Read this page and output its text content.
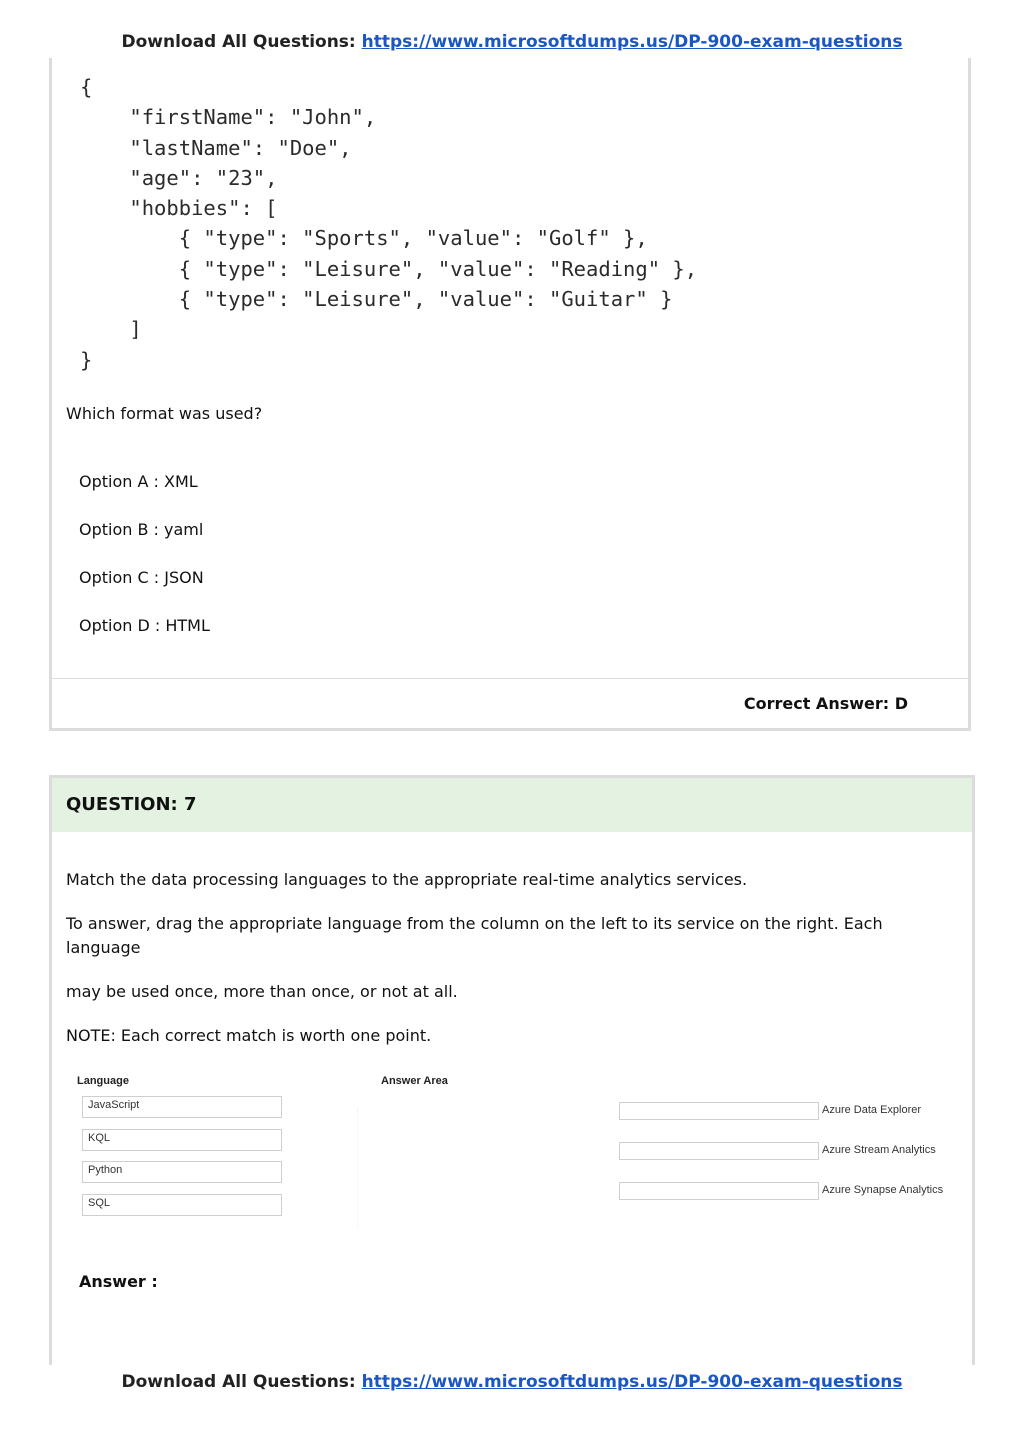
Download All Questions: https://www.microsoftdumps.us/DP-900-exam-questions
{
"firstName": "John",
"lastName": "Doe",
"age": "23",
"hobbies": [
{ "type": "Sports", "value": "Golf" },
{ "type": "Leisure", "value": "Reading" },
{ "type": "Leisure", "value": "Guitar" }
]
}
Which format was used?
Option A : XML
Option B : yaml
Option C : JSON
Option D : HTML
Correct Answer: D
QUESTION: 7
Match the data processing languages to the appropriate real-time analytics services.
To answer, drag the appropriate language from the column on the left to its service on the right. Each language
may be used once, more than once, or not at all.
NOTE: Each correct match is worth one point.
Language	Answer Area
JavaScript
KQL
Python
SQL
Azure Data Explorer
Azure Stream Analytics
Azure Synapse Analytics
Answer :
Download All Questions: https://www.microsoftdumps.us/DP-900-exam-questions
